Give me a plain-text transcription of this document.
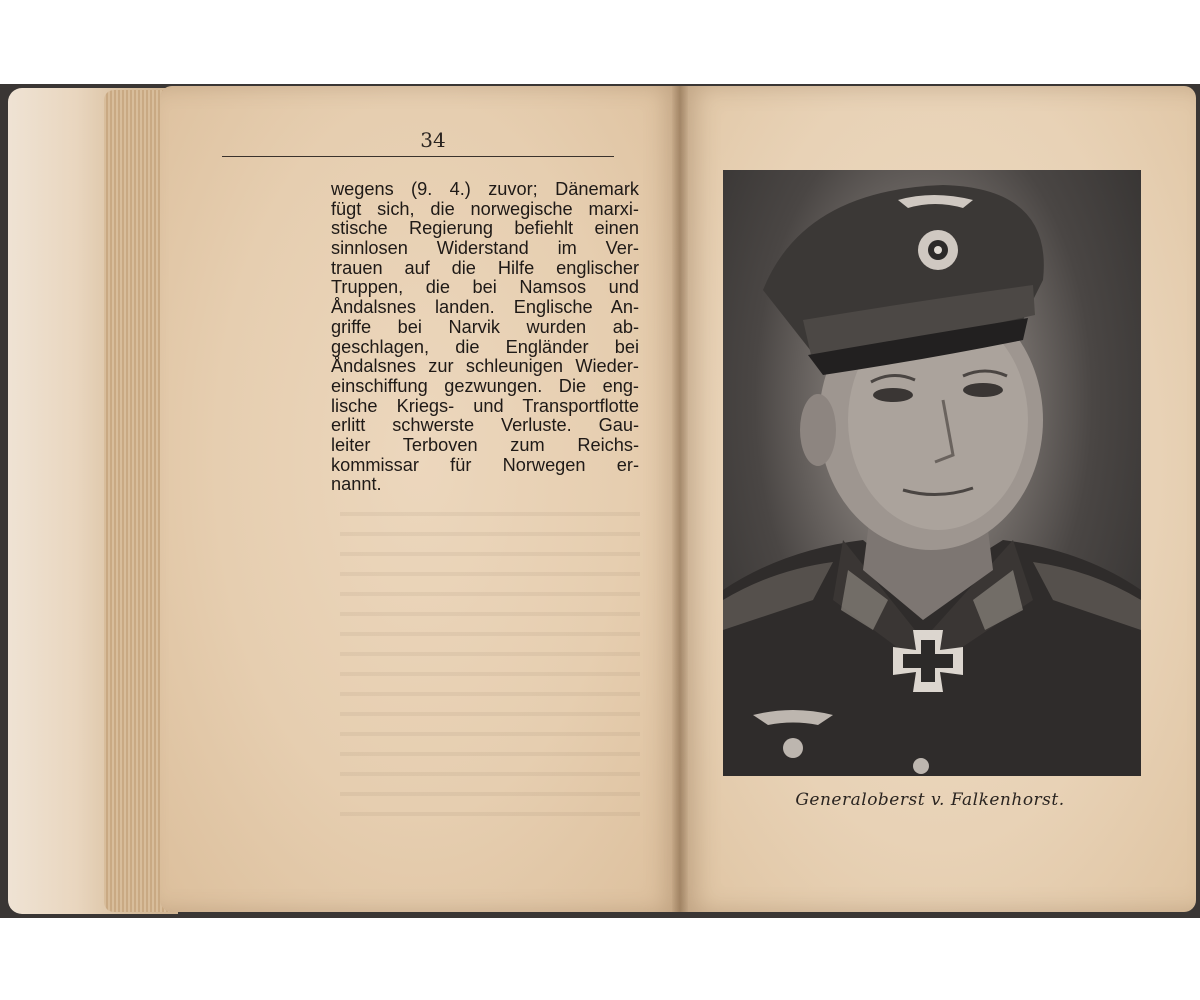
34
wegens (9. 4.) zuvor; Dänemark
fügt sich, die norwegische marxi-
stische Regierung befiehlt einen
sinnlosen Widerstand im Ver-
trauen auf die Hilfe englischer
Truppen, die bei Namsos und
Åndalsnes landen. Englische An-
griffe bei Narvik wurden ab-
geschlagen, die Engländer bei
Åndalsnes zur schleunigen Wieder-
einschiffung gezwungen. Die eng-
lische Kriegs- und Transportflotte
erlitt schwerste Verluste. Gau-
leiter Terboven zum Reichs-
kommissar für Norwegen er-
nannt.
Generaloberst v. Falkenhorst.
